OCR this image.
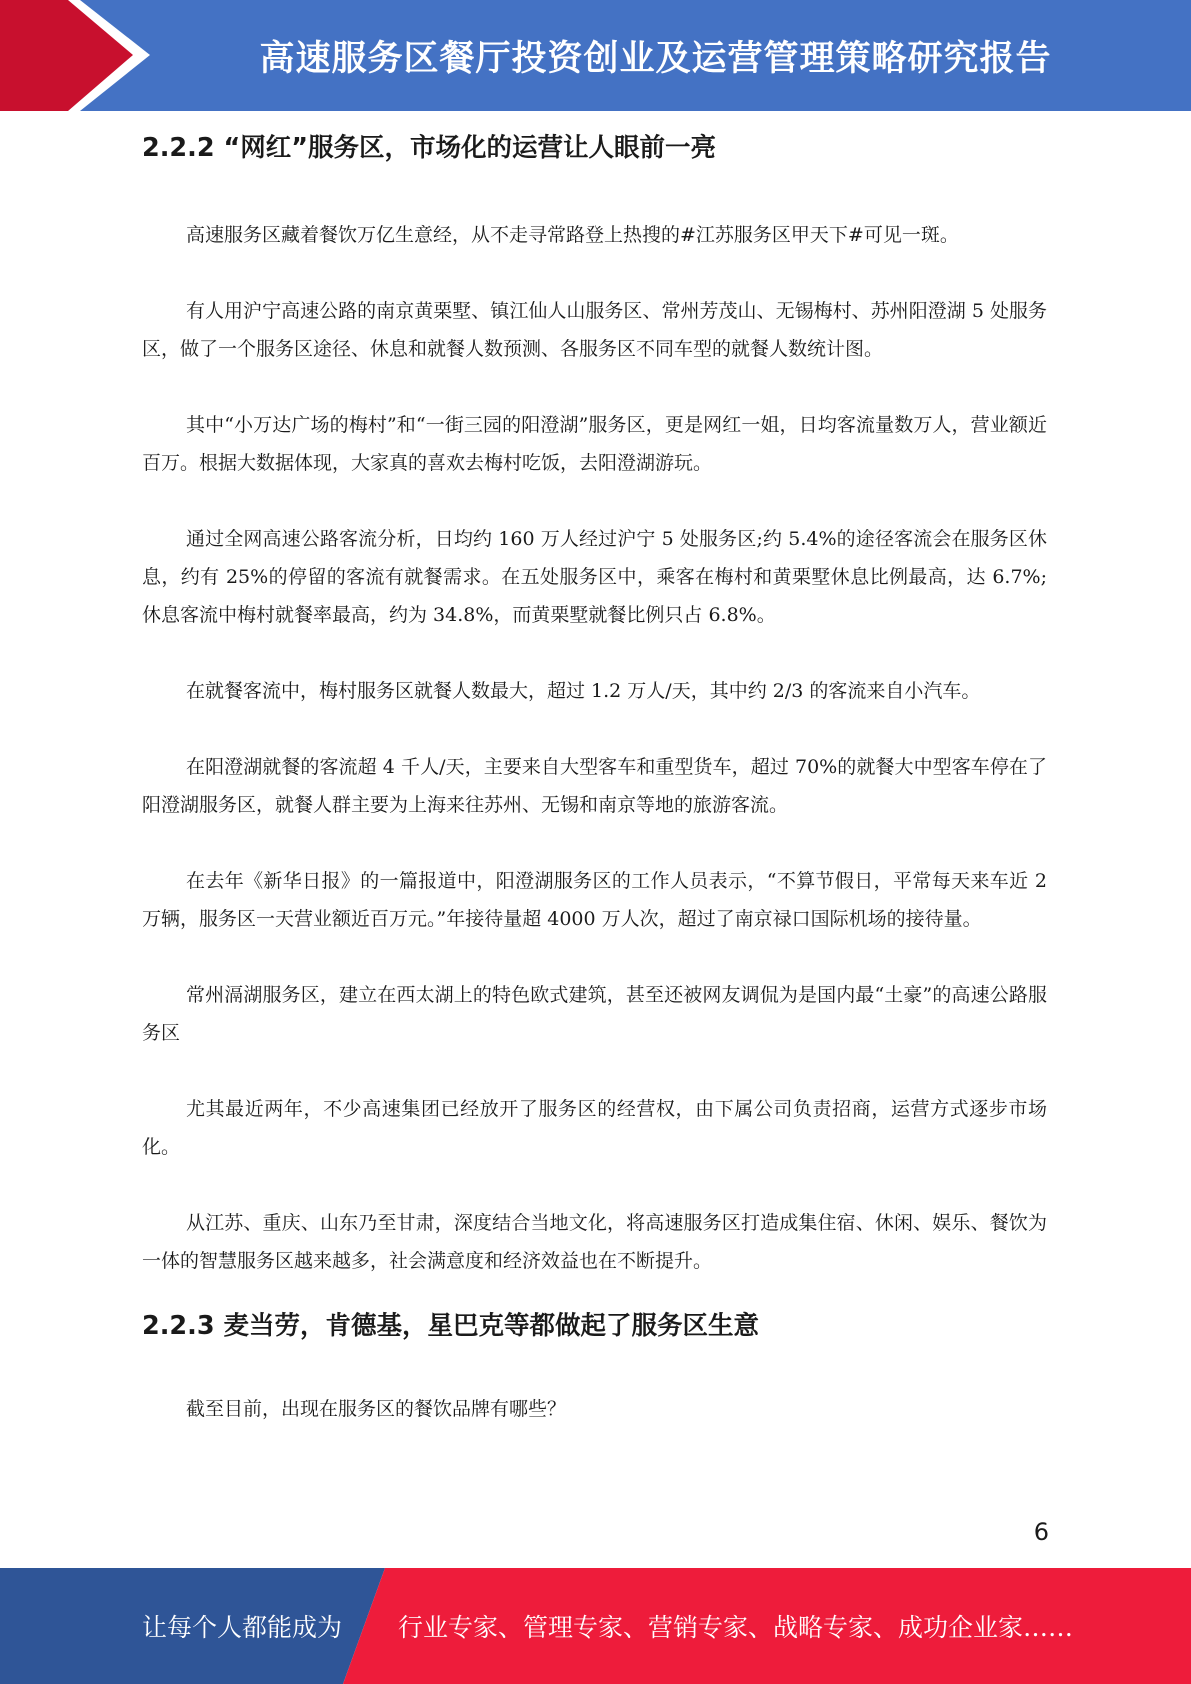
高速服务区餐厅投资创业及运营管理策略研究报告
2.2.2 “网红”服务区，市场化的运营让人眼前一亮

高速服务区藏着餐饮万亿生意经，从不走寻常路登上热搜的#江苏服务区甲天下#可见一斑。

有人用沪宁高速公路的南京黄栗墅、镇江仙人山服务区、常州芳茂山、无锡梅村、苏州阳澄湖 5 处服务区，做了一个服务区途径、休息和就餐人数预测、各服务区不同车型的就餐人数统计图。

其中“小万达广场的梅村”和“一街三园的阳澄湖”服务区，更是网红一姐，日均客流量数万人，营业额近百万。根据大数据体现，大家真的喜欢去梅村吃饭，去阳澄湖游玩。

通过全网高速公路客流分析，日均约 160 万人经过沪宁 5 处服务区;约 5.4%的途径客流会在服务区休息，约有 25%的停留的客流有就餐需求。在五处服务区中，乘客在梅村和黄栗墅休息比例最高，达 6.7%;休息客流中梅村就餐率最高，约为 34.8%，而黄栗墅就餐比例只占 6.8%。

在就餐客流中，梅村服务区就餐人数最大，超过 1.2 万人/天，其中约 2/3 的客流来自小汽车。

在阳澄湖就餐的客流超 4 千人/天，主要来自大型客车和重型货车，超过 70%的就餐大中型客车停在了阳澄湖服务区，就餐人群主要为上海来往苏州、无锡和南京等地的旅游客流。

在去年《新华日报》的一篇报道中，阳澄湖服务区的工作人员表示，“不算节假日，平常每天来车近 2 万辆，服务区一天营业额近百万元。”年接待量超 4000 万人次，超过了南京禄口国际机场的接待量。

常州滆湖服务区，建立在西太湖上的特色欧式建筑，甚至还被网友调侃为是国内最“土豪”的高速公路服务区

尤其最近两年，不少高速集团已经放开了服务区的经营权，由下属公司负责招商，运营方式逐步市场化。

从江苏、重庆、山东乃至甘肃，深度结合当地文化，将高速服务区打造成集住宿、休闲、娱乐、餐饮为一体的智慧服务区越来越多，社会满意度和经济效益也在不断提升。

2.2.3 麦当劳，肯德基，星巴克等都做起了服务区生意

截至目前，出现在服务区的餐饮品牌有哪些？

6
让每个人都能成为 行业专家、管理专家、营销专家、战略专家、成功企业家……
